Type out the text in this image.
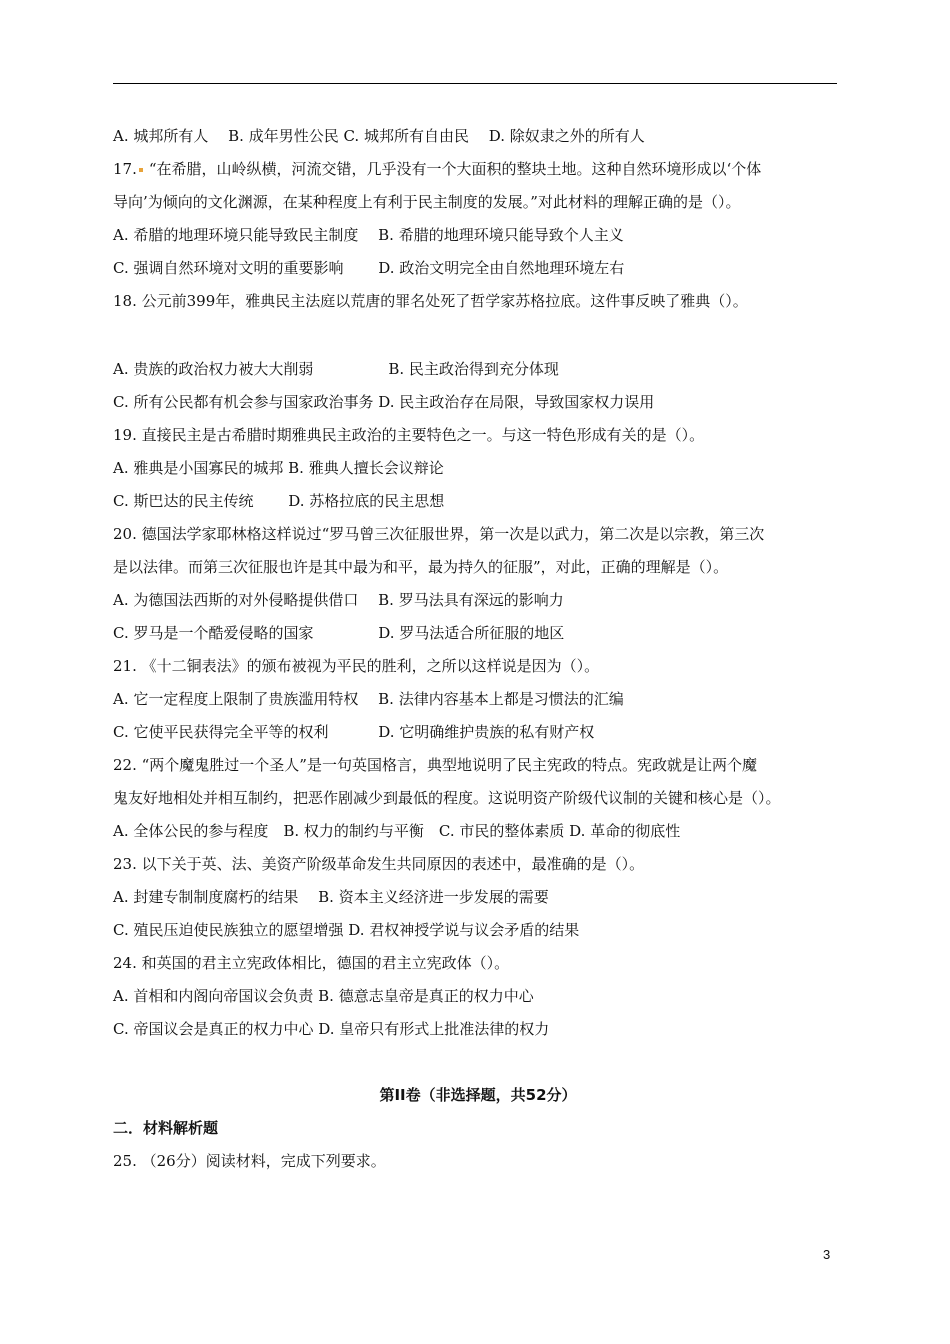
A. 城邦所有人　 B. 成年男性公民 C. 城邦所有自由民　 D. 除奴隶之外的所有人
17. “在希腊，山岭纵横，河流交错，几乎没有一个大面积的整块土地。这种自然环境形成以‘个体
导向’为倾向的文化渊源，在某种程度上有利于民主制度的发展。”对此材料的理解正确的是（）。
A. 希腊的地理环境只能导致民主制度　 B. 希腊的地理环境只能导致个人主义
C. 强调自然环境对文明的重要影响　　 D. 政治文明完全由自然地理环境左右
18. 公元前399年，雅典民主法庭以荒唐的罪名处死了哲学家苏格拉底。这件事反映了雅典（）。
A. 贵族的政治权力被大大削弱　　　　　B. 民主政治得到充分体现
C. 所有公民都有机会参与国家政治事务 D. 民主政治存在局限，导致国家权力误用
19. 直接民主是古希腊时期雅典民主政治的主要特色之一。与这一特色形成有关的是（）。
A. 雅典是小国寡民的城邦 B. 雅典人擅长会议辩论
C. 斯巴达的民主传统　　 D. 苏格拉底的民主思想
20. 德国法学家耶林格这样说过“罗马曾三次征服世界，第一次是以武力，第二次是以宗教，第三次
是以法律。而第三次征服也许是其中最为和平，最为持久的征服”，对此，正确的理解是（）。
A. 为德国法西斯的对外侵略提供借口　 B. 罗马法具有深远的影响力
C. 罗马是一个酷爱侵略的国家　　　　 D. 罗马法适合所征服的地区
21. 《十二铜表法》的颁布被视为平民的胜利，之所以这样说是因为（）。
A. 它一定程度上限制了贵族滥用特权　 B. 法律内容基本上都是习惯法的汇编
C. 它使平民获得完全平等的权利　　　 D. 它明确维护贵族的私有财产权
22. “两个魔鬼胜过一个圣人”是一句英国格言，典型地说明了民主宪政的特点。宪政就是让两个魔
鬼友好地相处并相互制约，把恶作剧减少到最低的程度。这说明资产阶级代议制的关键和核心是（）。
A. 全体公民的参与程度　B. 权力的制约与平衡　C. 市民的整体素质 D. 革命的彻底性
23. 以下关于英、法、美资产阶级革命发生共同原因的表述中，最准确的是（）。
A. 封建专制制度腐朽的结果　 B. 资本主义经济进一步发展的需要
C. 殖民压迫使民族独立的愿望增强 D. 君权神授学说与议会矛盾的结果
24. 和英国的君主立宪政体相比，德国的君主立宪政体（）。
A. 首相和内阁向帝国议会负责 B. 德意志皇帝是真正的权力中心
C. 帝国议会是真正的权力中心 D. 皇帝只有形式上批准法律的权力
第II卷（非选择题，共52分）
二．材料解析题
25. （26分）阅读材料，完成下列要求。
3
